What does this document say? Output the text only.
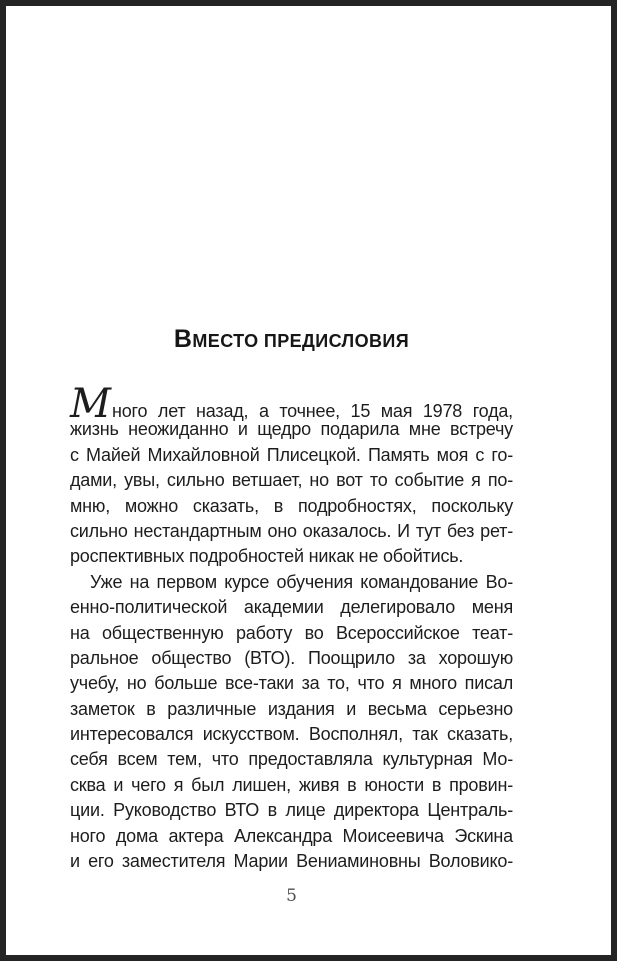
ВМЕСТО ПРЕДИСЛОВИЯ
Много лет назад, а точнее, 15 мая 1978 года,
жизнь неожиданно и щедро подарила мне встречу
с Майей Михайловной Плисецкой. Память моя с го-
дами, увы, сильно ветшает, но вот то событие я по-
мню, можно сказать, в подробностях, поскольку
сильно нестандартным оно оказалось. И тут без рет-
роспективных подробностей никак не обойтись.
Уже на первом курсе обучения командование Во-
енно-политической академии делегировало меня
на общественную работу во Всероссийское теат-
ральное общество (ВТО). Поощрило за хорошую
учебу, но больше все-таки за то, что я много писал
заметок в различные издания и весьма серьезно
интересовался искусством. Восполнял, так сказать,
себя всем тем, что предоставляла культурная Мо-
сква и чего я был лишен, живя в юности в провин-
ции. Руководство ВТО в лице директора Централь-
ного дома актера Александра Моисеевича Эскина
и его заместителя Марии Вениаминовны Воловико-
5
